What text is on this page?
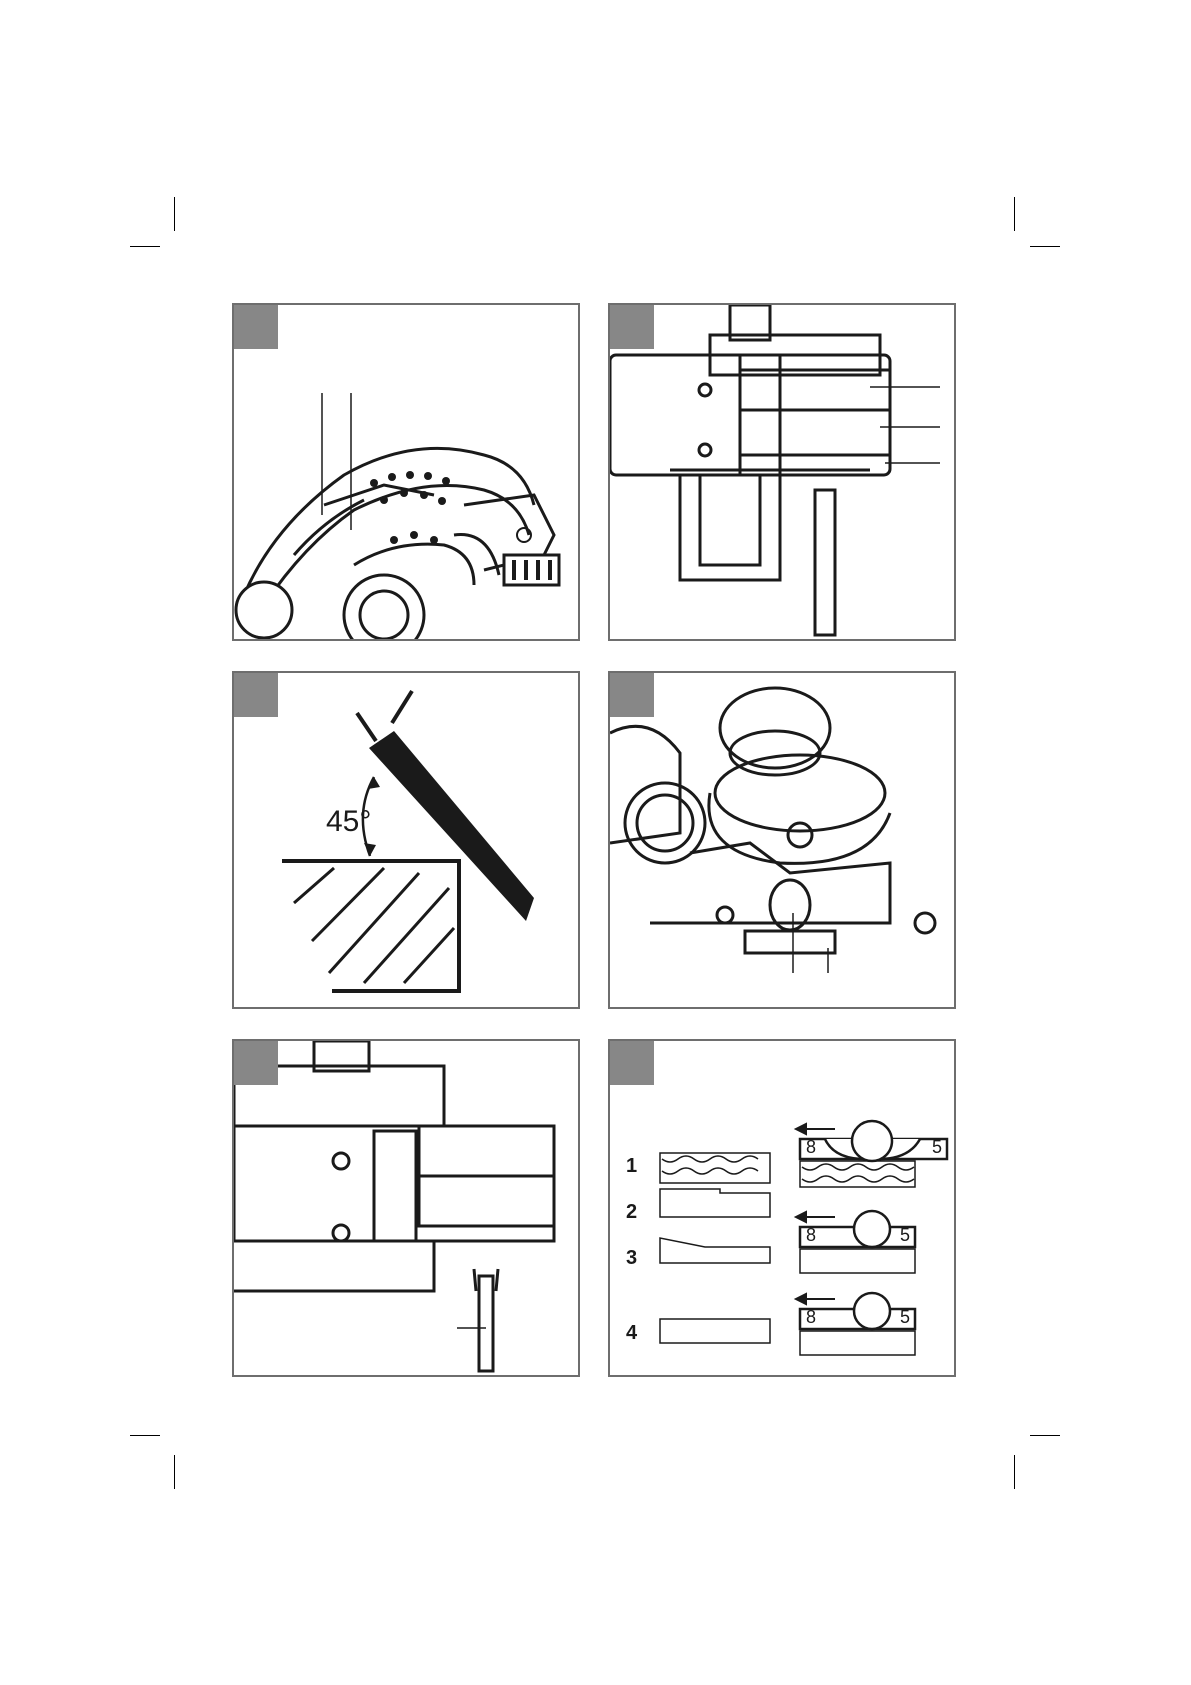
45°
1
2
3
4
8	5
8	5
8	5
